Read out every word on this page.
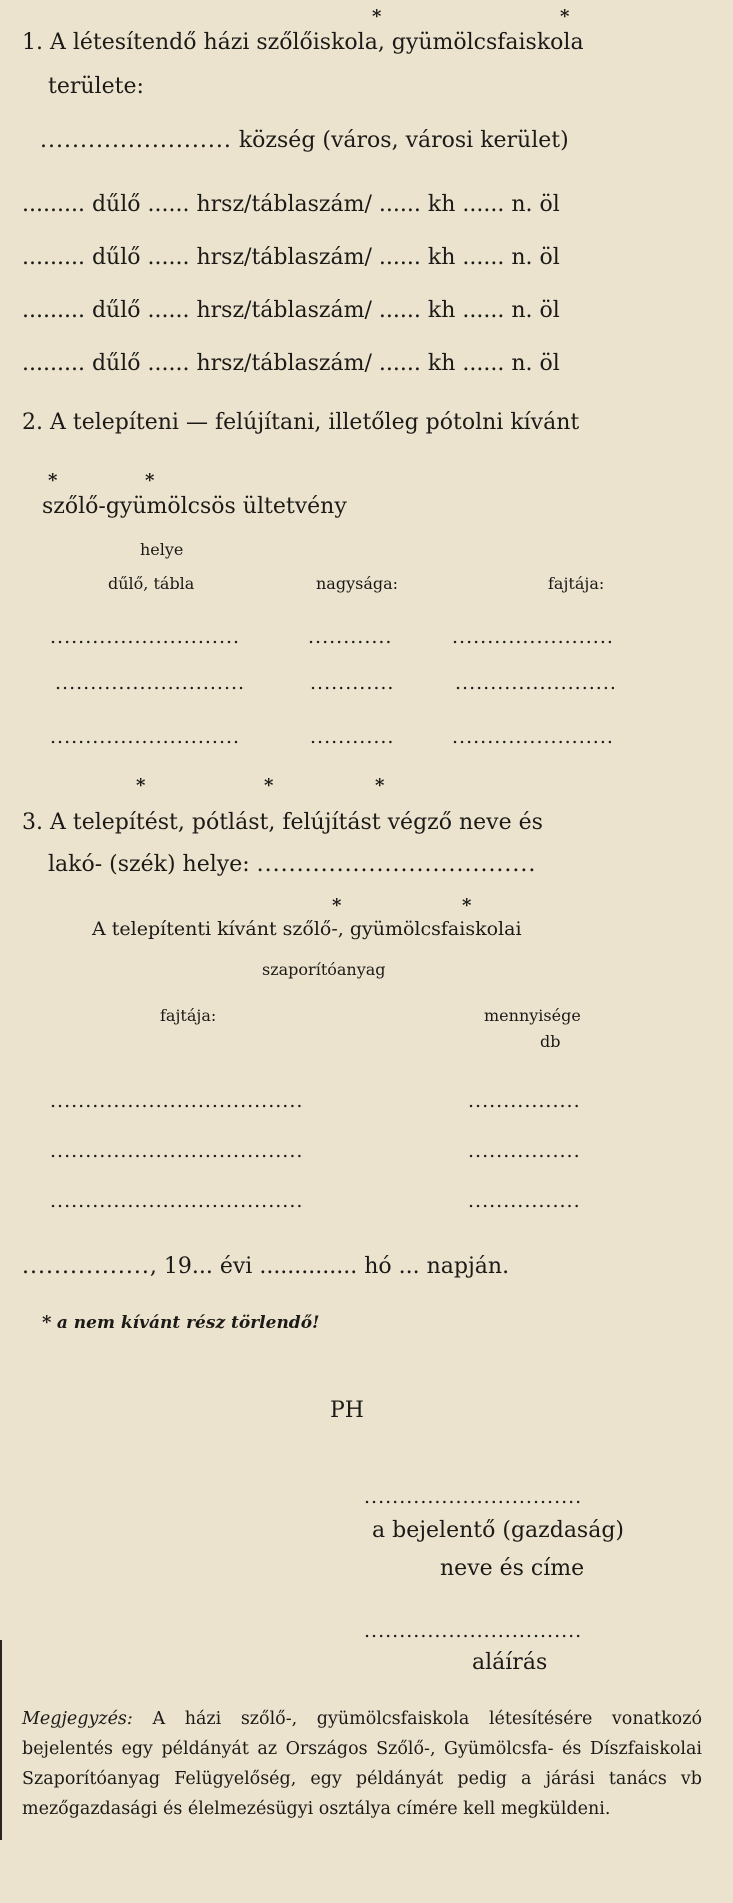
*	*
1. A létesítendő házi szőlőiskola, gyümölcsfaiskola
területe:
........................ község (város, városi kerület)
......... dűlő ...... hrsz/táblaszám/ ...... kh ...... n. öl
......... dűlő ...... hrsz/táblaszám/ ...... kh ...... n. öl
......... dűlő ...... hrsz/táblaszám/ ...... kh ...... n. öl
......... dűlő ...... hrsz/táblaszám/ ...... kh ...... n. öl
2. A telepíteni — felújítani, illetőleg pótolni kívánt
*	*
szőlő-gyümölcsös ültetvény
helye
dűlő, tábla	nagysága:	fajtája:
...........................	............	.......................
...........................	............	.......................
...........................	............	.......................
*	*	*
3. A telepítést, pótlást, felújítást végző neve és
lakó- (szék) helye: ...................................
*	*
A telepítenti kívánt szőlő-, gyümölcsfaiskolai
szaporítóanyag
fajtája:	mennyisége
db
....................................	................
....................................	................
....................................	................
................, 19... évi .............. hó ... napján.
* a nem kívánt rész törlendő!
PH
...............................
a bejelentő (gazdaság)
neve és címe
...............................
aláírás
Megjegyzés: A házi szőlő-, gyümölcsfaiskola létesítésére vonatkozó bejelentés egy példányát az Országos Szőlő-, Gyümölcsfa- és Díszfaiskolai Szaporítóanyag Felügyelőség, egy példányát pedig a járási tanács vb mezőgazdasági és élelmezésügyi osztálya címére kell megküldeni.
